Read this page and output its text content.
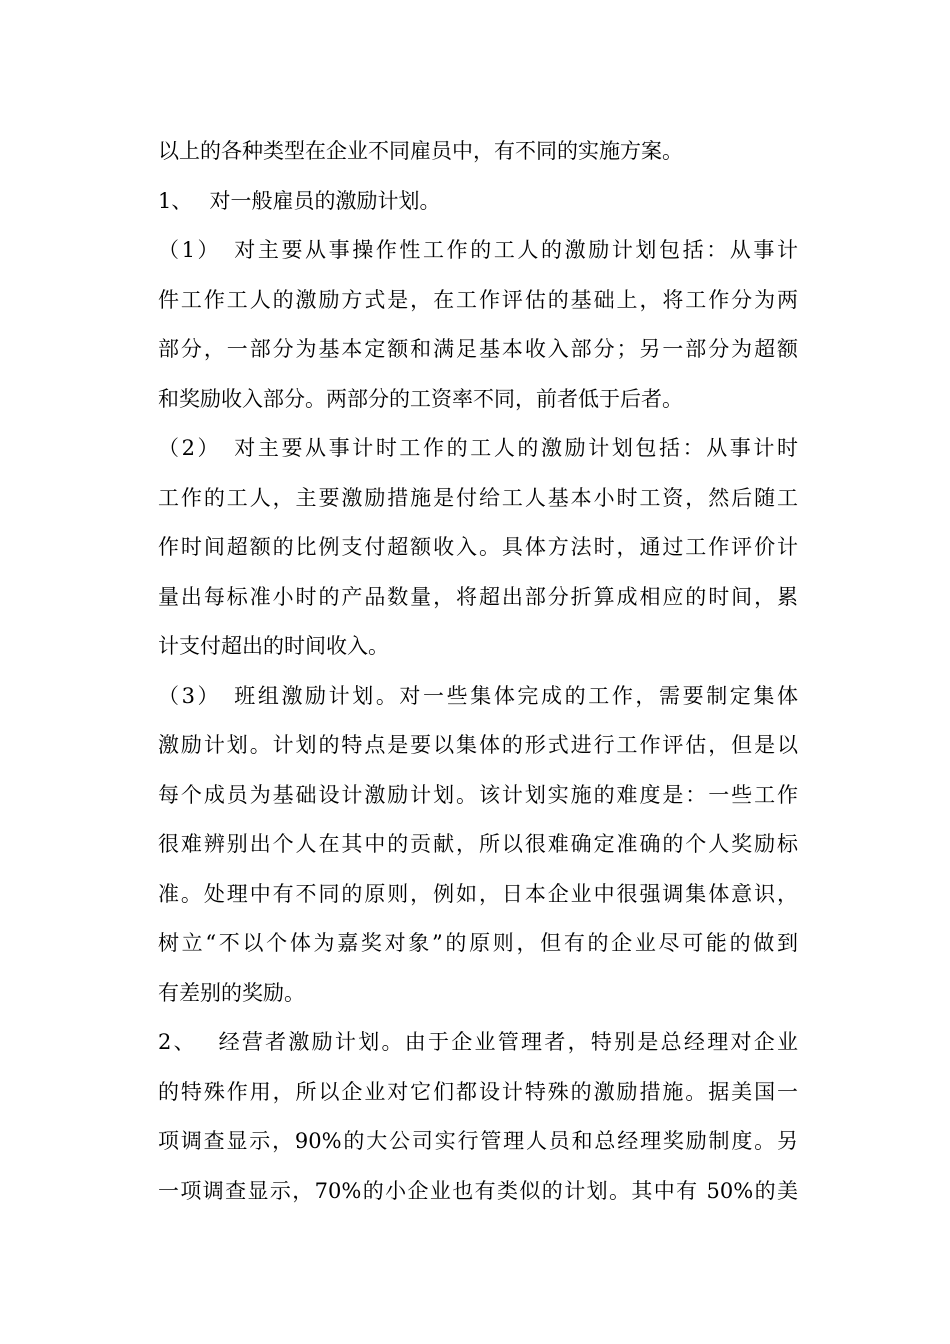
以上的各种类型在企业不同雇员中，有不同的实施方案。
1、　 对一般雇员的激励计划。
（1）　对主要从事操作性工作的工人的激励计划包括：从事计
件工作工人的激励方式是，在工作评估的基础上，将工作分为两
部分，一部分为基本定额和满足基本收入部分；另一部分为超额
和奖励收入部分。两部分的工资率不同，前者低于后者。
（2）　对主要从事计时工作的工人的激励计划包括：从事计时
工作的工人，主要激励措施是付给工人基本小时工资，然后随工
作时间超额的比例支付超额收入。具体方法时，通过工作评价计
量出每标准小时的产品数量，将超出部分折算成相应的时间，累
计支付超出的时间收入。
（3）　班组激励计划。对一些集体完成的工作，需要制定集体
激励计划。计划的特点是要以集体的形式进行工作评估，但是以
每个成员为基础设计激励计划。该计划实施的难度是：一些工作
很难辨别出个人在其中的贡献，所以很难确定准确的个人奖励标
准。处理中有不同的原则，例如，日本企业中很强调集体意识，
树立“不以个体为嘉奖对象”的原则，但有的企业尽可能的做到
有差别的奖励。
2、　 经营者激励计划。由于企业管理者，特别是总经理对企业
的特殊作用，所以企业对它们都设计特殊的激励措施。据美国一
项调查显示，90%的大公司实行管理人员和总经理奖励制度。另
一项调查显示，70%的小企业也有类似的计划。其中有 50%的美
